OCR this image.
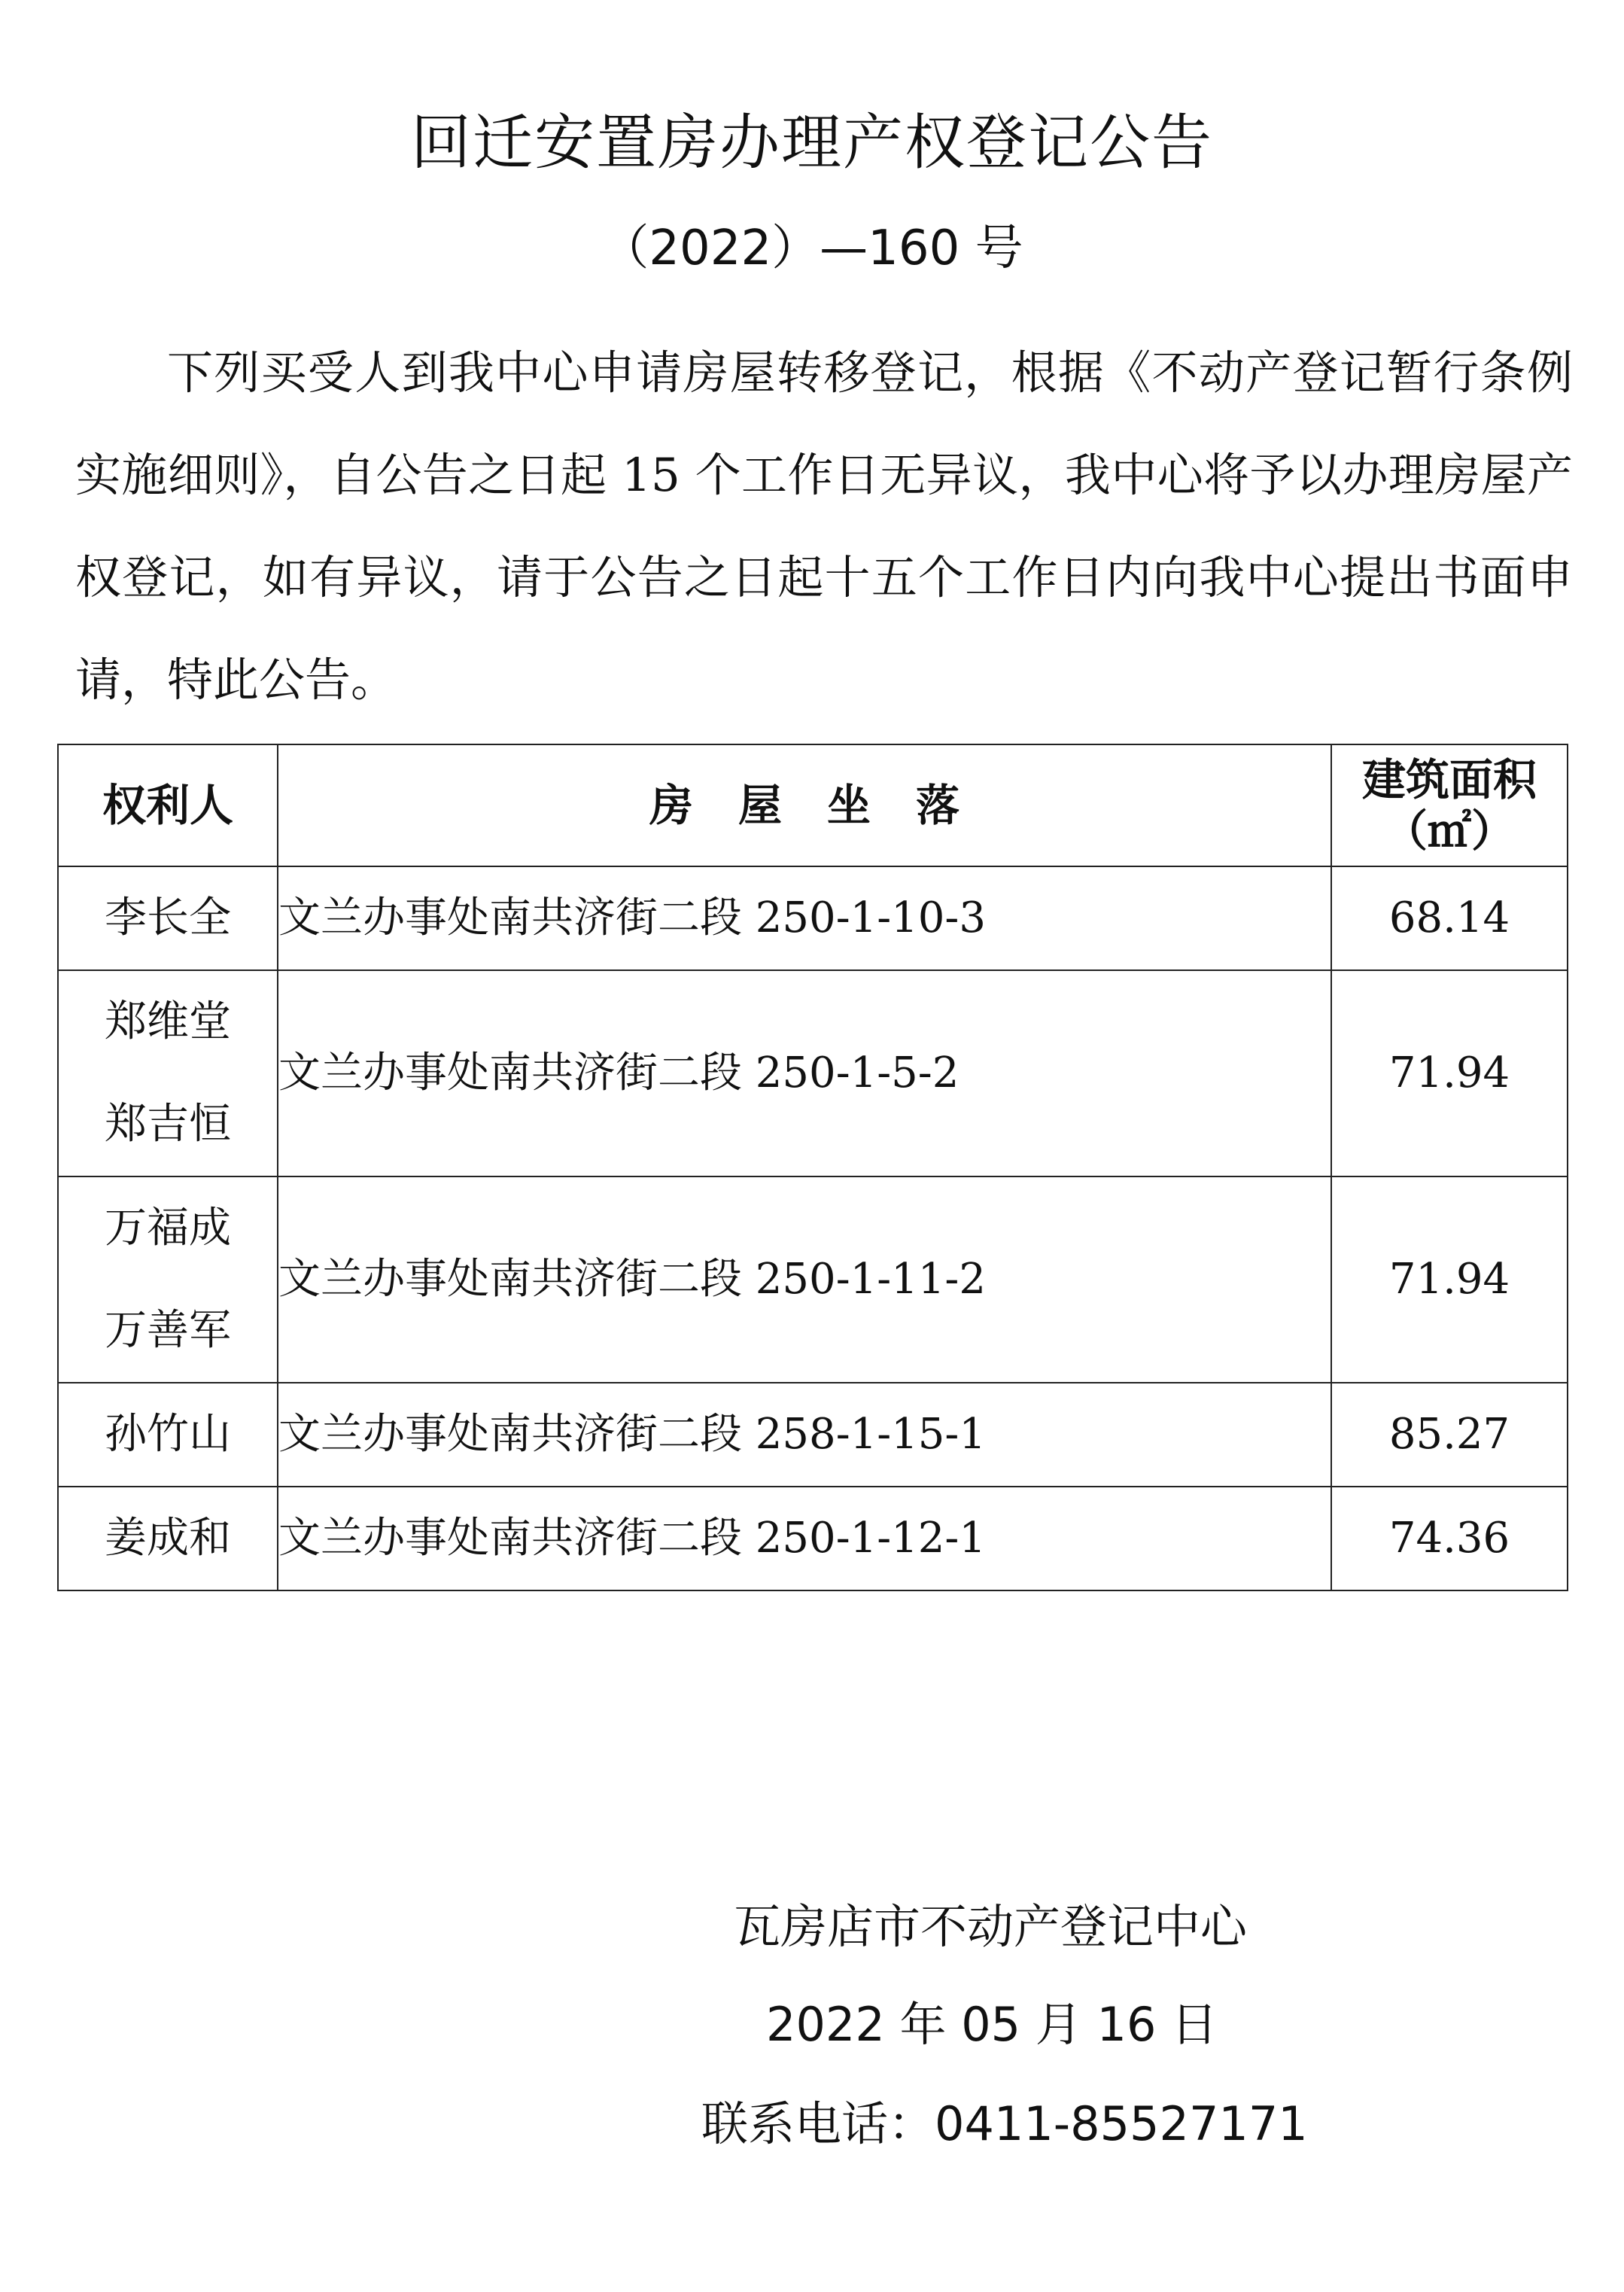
回迁安置房办理产权登记公告
（2022）—160 号

下列买受人到我中心申请房屋转移登记，根据《不动产登记暂行条例实施细则》，自公告之日起 15 个工作日无异议，我中心将予以办理房屋产权登记，如有异议，请于公告之日起十五个工作日内向我中心提出书面申请，特此公告。

权利人	房屋坐落	建筑面积
（㎡）

李长全	文兰办事处南共济街二段 250-1-10-3	68.14

郑维堂
郑吉恒	文兰办事处南共济街二段 250-1-5-2	71.94

万福成
万善军	文兰办事处南共济街二段 250-1-11-2	71.94

孙竹山	文兰办事处南共济街二段 258-1-15-1	85.27

姜成和	文兰办事处南共济街二段 250-1-12-1	74.36
瓦房店市不动产登记中心
2022 年 05 月 16 日
联系电话：0411-85527171
